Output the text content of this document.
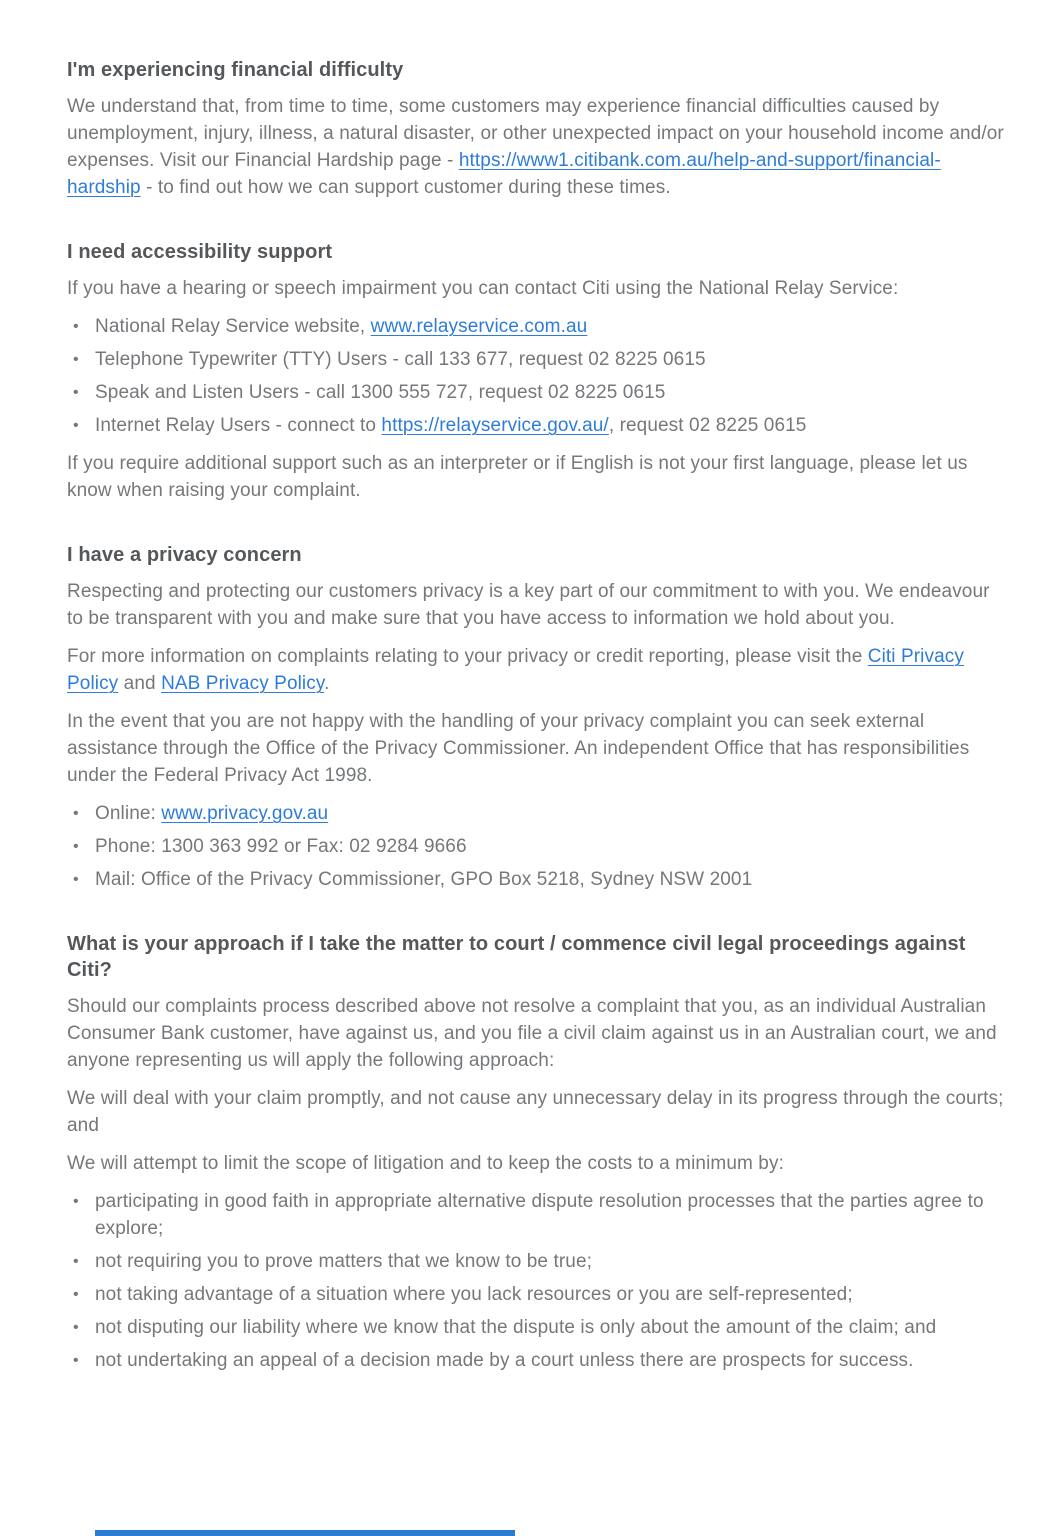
I'm experiencing financial difficulty

We understand that, from time to time, some customers may experience financial difficulties caused by unemployment, injury, illness, a natural disaster, or other unexpected impact on your household income and/or expenses. Visit our Financial Hardship page - https://www1.citibank.com.au/help-and-support/financial-hardship - to find out how we can support customer during these times.

I need accessibility support

If you have a hearing or speech impairment you can contact Citi using the National Relay Service:

• National Relay Service website, www.relayservice.com.au
• Telephone Typewriter (TTY) Users - call 133 677, request 02 8225 0615
• Speak and Listen Users - call 1300 555 727, request 02 8225 0615
• Internet Relay Users - connect to https://relayservice.gov.au/, request 02 8225 0615

If you require additional support such as an interpreter or if English is not your first language, please let us know when raising your complaint.

I have a privacy concern

Respecting and protecting our customers privacy is a key part of our commitment to with you. We endeavour to be transparent with you and make sure that you have access to information we hold about you.

For more information on complaints relating to your privacy or credit reporting, please visit the Citi Privacy Policy and NAB Privacy Policy.

In the event that you are not happy with the handling of your privacy complaint you can seek external assistance through the Office of the Privacy Commissioner. An independent Office that has responsibilities under the Federal Privacy Act 1998.

• Online: www.privacy.gov.au
• Phone: 1300 363 992 or Fax: 02 9284 9666
• Mail: Office of the Privacy Commissioner, GPO Box 5218, Sydney NSW 2001
What is your approach if I take the matter to court / commence civil legal proceedings against Citi?

Should our complaints process described above not resolve a complaint that you, as an individual Australian Consumer Bank customer, have against us, and you file a civil claim against us in an Australian court, we and anyone representing us will apply the following approach:

We will deal with your claim promptly, and not cause any unnecessary delay in its progress through the courts; and

We will attempt to limit the scope of litigation and to keep the costs to a minimum by:

• participating in good faith in appropriate alternative dispute resolution processes that the parties agree to explore;
• not requiring you to prove matters that we know to be true;
• not taking advantage of a situation where you lack resources or you are self-represented;
• not disputing our liability where we know that the dispute is only about the amount of the claim; and
• not undertaking an appeal of a decision made by a court unless there are prospects for success.
